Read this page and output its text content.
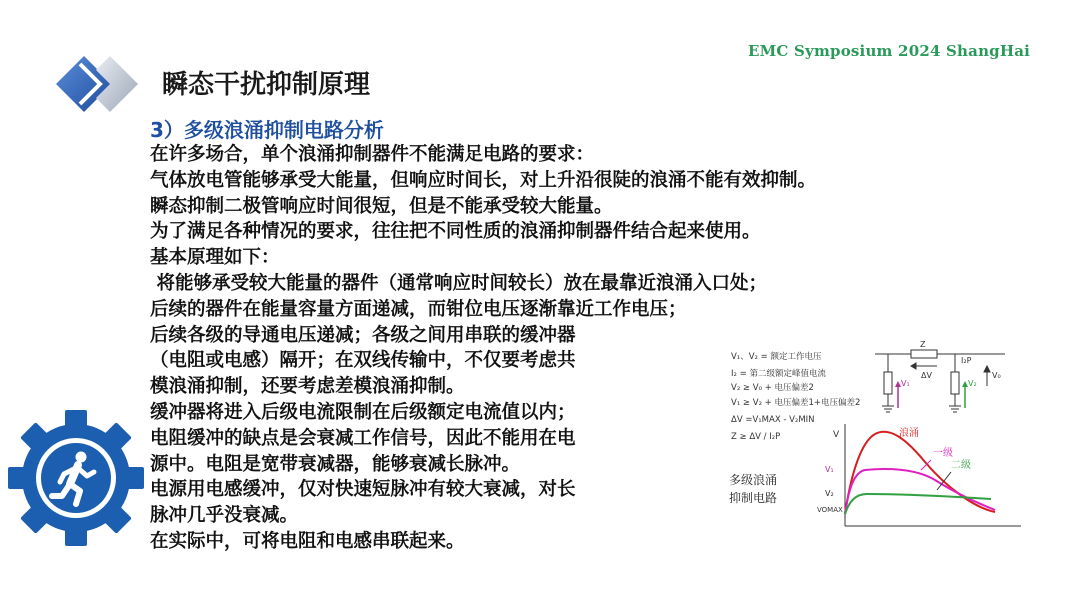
EMC Symposium 2024 ShangHai
瞬态干扰抑制原理
3）多级浪涌抑制电路分析
在许多场合，单个浪涌抑制器件不能满足电路的要求：
气体放电管能够承受大能量，但响应时间长，对上升沿很陡的浪涌不能有效抑制。
瞬态抑制二极管响应时间很短，但是不能承受较大能量。
为了满足各种情况的要求，往往把不同性质的浪涌抑制器件结合起来使用。
基本原理如下：
将能够承受较大能量的器件（通常响应时间较长）放在最靠近浪涌入口处；
后续的器件在能量容量方面递减，而钳位电压逐渐靠近工作电压；
后续各级的导通电压递减；各级之间用串联的缓冲器
（电阻或电感）隔开；在双线传输中，不仅要考虑共
模浪涌抑制，还要考虑差模浪涌抑制。
缓冲器将进入后级电流限制在后级额定电流值以内；
电阻缓冲的缺点是会衰减工作信号，因此不能用在电
源中。电阻是宽带衰减器，能够衰减长脉冲。
电源用电感缓冲，仅对快速短脉冲有较大衰减，对长
脉冲几乎没衰减。
在实际中，可将电阻和电感串联起来。
V₁、V₂ = 额定工作电压
I₂ = 第二级额定峰值电流
V₂ ≥ V₀ + 电压偏差2
V₁ ≥ V₂ + 电压偏差1+电压偏差2
ΔV =V₁MAX - V₂MIN
Z ≥ ΔV / I₂P
多级浪涌
抑制电路
Z
ΔV
I₂P
V₀
V₁	V₂
V	浪涌
一级
二级
V₁
V₂
VOMAX
